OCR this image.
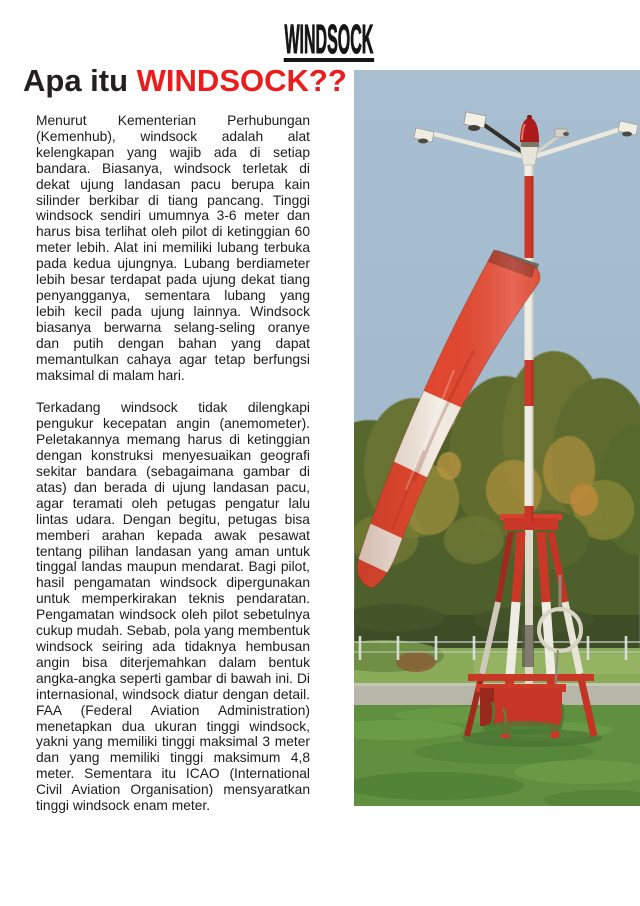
WINDSOCK
Apa itu WINDSOCK??

Menurut Kementerian Perhubungan (Kemenhub), windsock adalah alat kelengkapan yang wajib ada di setiap bandara. Biasanya, windsock terletak di dekat ujung landasan pacu berupa kain silinder berkibar di tiang pancang. Tinggi windsock sendiri umumnya 3-6 meter dan harus bisa terlihat oleh pilot di ketinggian 60 meter lebih. Alat ini memiliki lubang terbuka pada kedua ujungnya. Lubang berdiameter lebih besar terdapat pada ujung dekat tiang penyangganya, sementara lubang yang lebih kecil pada ujung lainnya. Windsock biasanya berwarna selang-seling oranye dan putih dengan bahan yang dapat memantulkan cahaya agar tetap berfungsi maksimal di malam hari.

Terkadang windsock tidak dilengkapi pengukur kecepatan angin (anemometer). Peletakannya memang harus di ketinggian dengan konstruksi menyesuaikan geografi sekitar bandara (sebagaimana gambar di atas) dan berada di ujung landasan pacu, agar teramati oleh petugas pengatur lalu lintas udara. Dengan begitu, petugas bisa memberi arahan kepada awak pesawat tentang pilihan landasan yang aman untuk tinggal landas maupun mendarat. Bagi pilot, hasil pengamatan windsock dipergunakan untuk memperkirakan teknis pendaratan. Pengamatan windsock oleh pilot sebetulnya cukup mudah. Sebab, pola yang membentuk windsock seiring ada tidaknya hembusan angin bisa diterjemahkan dalam bentuk angka-angka seperti gambar di bawah ini. Di internasional, windsock diatur dengan detail. FAA (Federal Aviation Administration) menetapkan dua ukuran tinggi windsock, yakni yang memiliki tinggi maksimal 3 meter dan yang memiliki tinggi maksimum 4,8 meter. Sementara itu ICAO (International Civil Aviation Organisation) mensyaratkan tinggi windsock enam meter.
